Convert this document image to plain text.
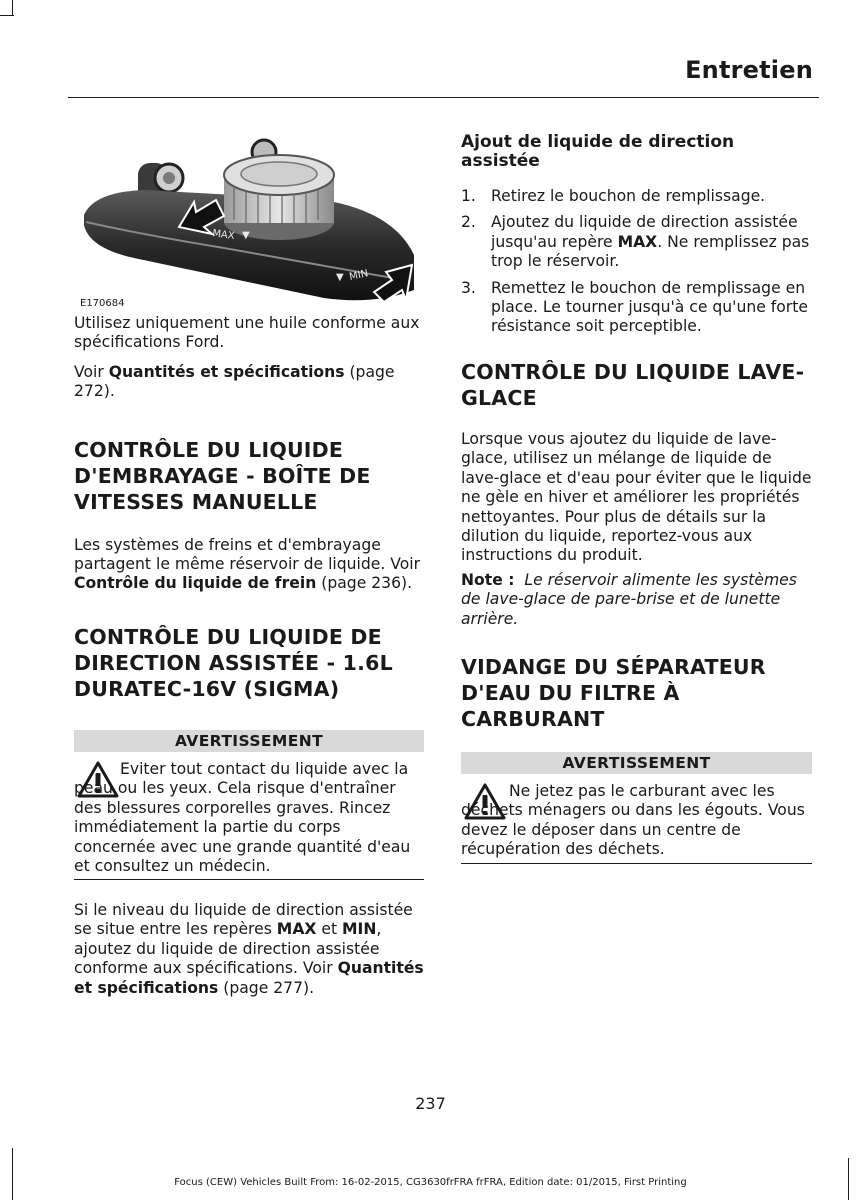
Entretien
MAX ▼
▼ MIN
E170684

Utilisez uniquement une huile conforme aux spécifications Ford.

Voir Quantités et spécifications (page 272).

CONTRÔLE DU LIQUIDE D'EMBRAYAGE - BOÎTE DE VITESSES MANUELLE

Les systèmes de freins et d'embrayage partagent le même réservoir de liquide. Voir Contrôle du liquide de frein (page 236).

CONTRÔLE DU LIQUIDE DE DIRECTION ASSISTÉE - 1.6L DURATEC-16V (SIGMA)

AVERTISSEMENT

Eviter tout contact du liquide avec la peau ou les yeux. Cela risque d'entraîner des blessures corporelles graves. Rincez immédiatement la partie du corps concernée avec une grande quantité d'eau et consultez un médecin.

Si le niveau du liquide de direction assistée se situe entre les repères MAX et MIN, ajoutez du liquide de direction assistée conforme aux spécifications. Voir Quantités et spécifications (page 277).

Ajout de liquide de direction assistée

1. Retirez le bouchon de remplissage.
2. Ajoutez du liquide de direction assistée jusqu'au repère MAX. Ne remplissez pas trop le réservoir.
3. Remettez le bouchon de remplissage en place. Le tourner jusqu'à ce qu'une forte résistance soit perceptible.

CONTRÔLE DU LIQUIDE LAVE-GLACE

Lorsque vous ajoutez du liquide de lave-glace, utilisez un mélange de liquide de lave-glace et d'eau pour éviter que le liquide ne gèle en hiver et améliorer les propriétés nettoyantes. Pour plus de détails sur la dilution du liquide, reportez-vous aux instructions du produit.

Note : Le réservoir alimente les systèmes de lave-glace de pare-brise et de lunette arrière.

VIDANGE DU SÉPARATEUR D'EAU DU FILTRE À CARBURANT

AVERTISSEMENT

Ne jetez pas le carburant avec les déchets ménagers ou dans les égouts. Vous devez le déposer dans un centre de récupération des déchets.

237
Focus (CEW) Vehicles Built From: 16-02-2015, CG3630frFRA frFRA, Edition date: 01/2015, First Printing
